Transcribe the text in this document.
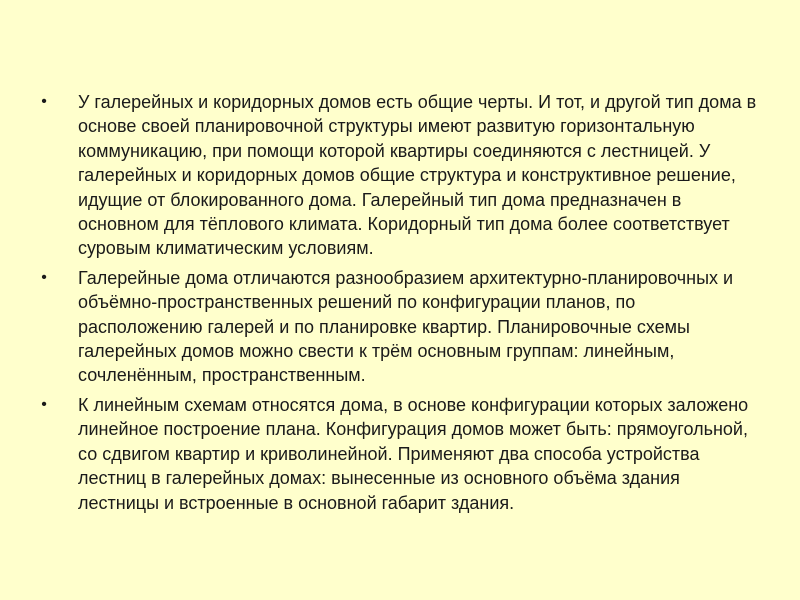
•	У галерейных и коридорных домов есть общие черты. И тот, и другой тип дома в основе своей планировочной структуры имеют развитую горизонтальную коммуникацию, при помощи которой квартиры соединяются с лестницей. У галерейных и коридорных домов общие структура и конструктивное решение, идущие от блокированного дома. Галерейный тип дома предназначен в основном для тёплового климата. Коридорный тип дома более соответствует суровым климатическим условиям.
•	Галерейные дома отличаются разнообразием архитектурно-планировочных и объёмно-пространственных решений по конфигурации планов, по расположению галерей и по планировке квартир. Планировочные схемы галерейных домов можно свести к трём основным группам: линейным, сочленённым, пространственным.
•	К линейным схемам относятся дома, в основе конфигурации которых заложено линейное построение плана. Конфигурация домов может быть: прямоугольной, со сдвигом квартир и криволинейной. Применяют два способа устройства лестниц в галерейных домах: вынесенные из основного объёма здания лестницы и встроенные в основной габарит здания.
